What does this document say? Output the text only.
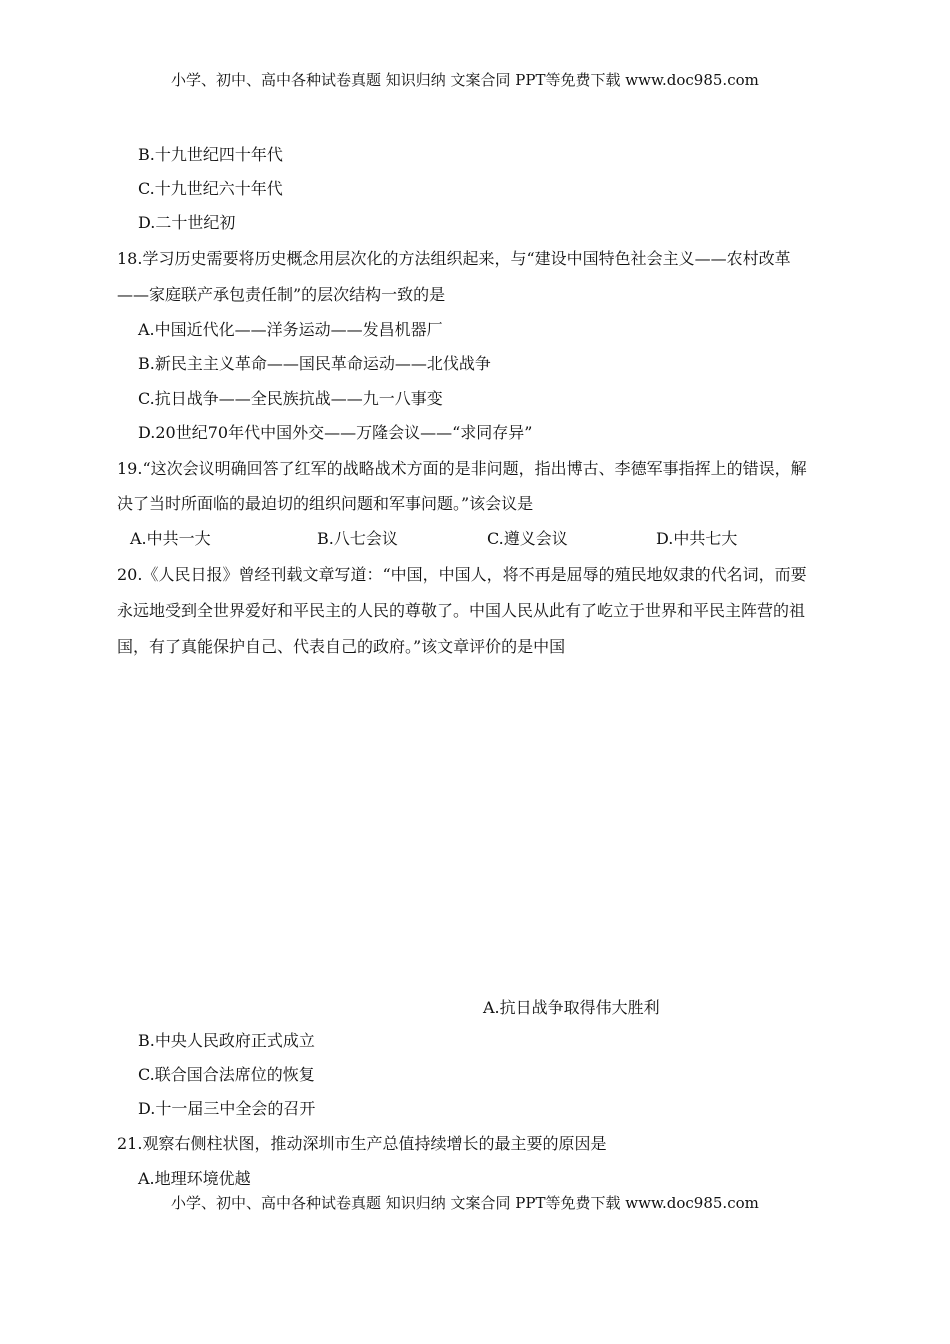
小学、初中、高中各种试卷真题 知识归纳 文案合同 PPT等免费下载 www.doc985.com
B.十九世纪四十年代
C.十九世纪六十年代
D.二十世纪初
18.学习历史需要将历史概念用层次化的方法组织起来，与“建设中国特色社会主义——农村改革
——家庭联产承包责任制”的层次结构一致的是
A.中国近代化——洋务运动——发昌机器厂
B.新民主主义革命——国民革命运动——北伐战争
C.抗日战争——全民族抗战——九一八事变
D.20世纪70年代中国外交——万隆会议——“求同存异”
19.“这次会议明确回答了红军的战略战术方面的是非问题，指出博古、李德军事指挥上的错误，解
决了当时所面临的最迫切的组织问题和军事问题。”该会议是
A.中共一大	B.八七会议	C.遵义会议	D.中共七大
20.《人民日报》曾经刊载文章写道：“中国，中国人，将不再是屈辱的殖民地奴隶的代名词，而要
永远地受到全世界爱好和平民主的人民的尊敬了。中国人民从此有了屹立于世界和平民主阵营的祖
国，有了真能保护自己、代表自己的政府。”该文章评价的是中国
A.抗日战争取得伟大胜利
B.中央人民政府正式成立
C.联合国合法席位的恢复
D.十一届三中全会的召开
21.观察右侧柱状图，推动深圳市生产总值持续增长的最主要的原因是
A.地理环境优越
小学、初中、高中各种试卷真题 知识归纳 文案合同 PPT等免费下载 www.doc985.com
